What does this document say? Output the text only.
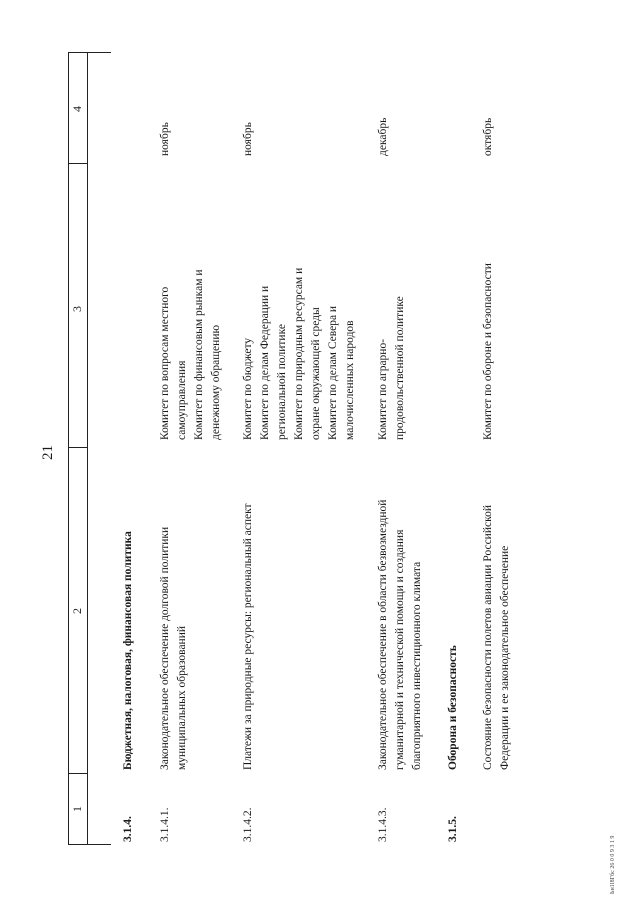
21
1
2
3
4
3.1.4.
Бюджетная, налоговая, финансовая политика
3.1.4.1.
Законодательное обеспечение долговой политики муниципальных образований
Комитет по вопросам местного самоуправления Комитет по финансовым рынкам и денежному обращению
ноябрь
3.1.4.2.
Платежи за природные ресурсы: региональный аспект
Комитет по бюджету Комитет по делам Федерации и региональной политике Комитет по природным ресурсам и охране окружающей среды Комитет по делам Севера и малочисленных народов
ноябрь
3.1.4.3.
Законодательное обеспечение в области безвозмездной гуманитарной и технической помощи и создания благоприятного инвестиционного климата
Комитет по аграрно- продовольственной политике
декабрь
3.1.5.
Оборона и безопасность Состояние безопасности полетов авиации Российской Федерации и ее законодательное обеспечение
Комитет по обороне и безопасности
октябрь
Ьн1І8Гбс 26 0 0 9 3 1 9
